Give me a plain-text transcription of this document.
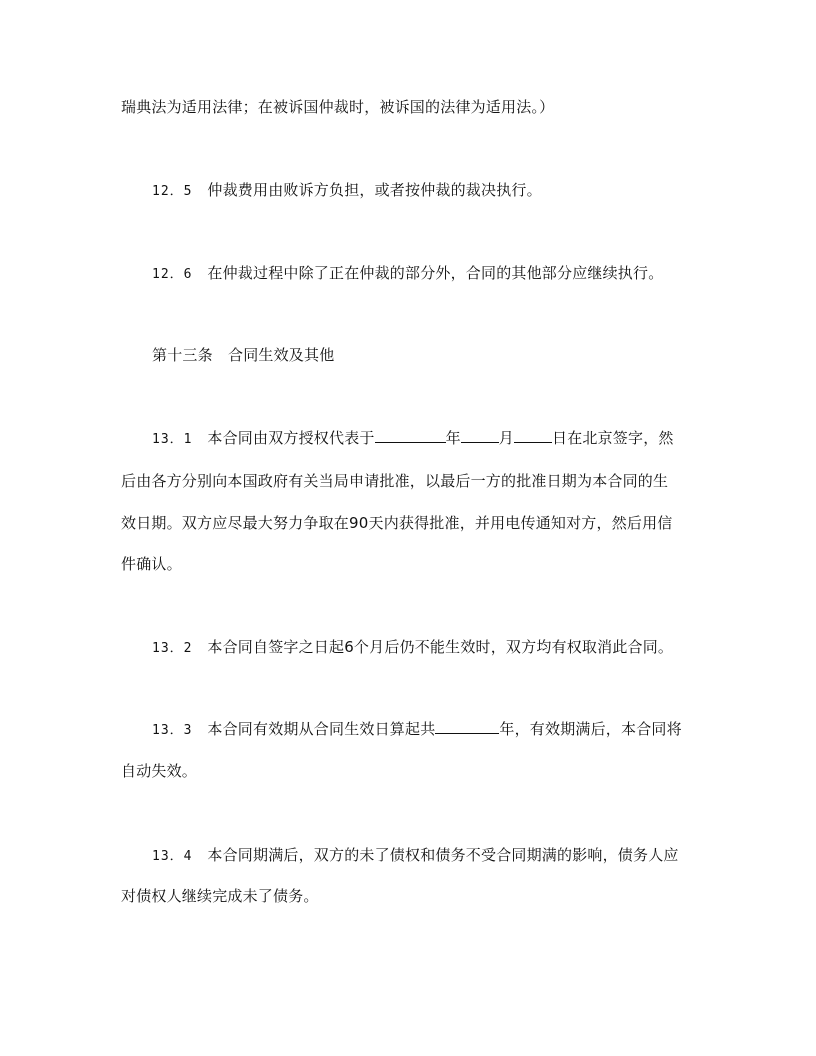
瑞典法为适用法律；在被诉国仲裁时，被诉国的法律为适用法。）
12．5 仲裁费用由败诉方负担，或者按仲裁的裁决执行。
12．6 在仲裁过程中除了正在仲裁的部分外，合同的其他部分应继续执行。
第十三条　合同生效及其他
13．1 本合同由双方授权代表于	年	月	日在北京签字，然
后由各方分别向本国政府有关当局申请批准，以最后一方的批准日期为本合同的生
效日期。双方应尽最大努力争取在90天内获得批准，并用电传通知对方，然后用信
件确认。
13．2 本合同自签字之日起6个月后仍不能生效时，双方均有权取消此合同。
13．3 本合同有效期从合同生效日算起共	年，有效期满后，本合同将
自动失效。
13．4 本合同期满后，双方的未了债权和债务不受合同期满的影响，债务人应
对债权人继续完成未了债务。
